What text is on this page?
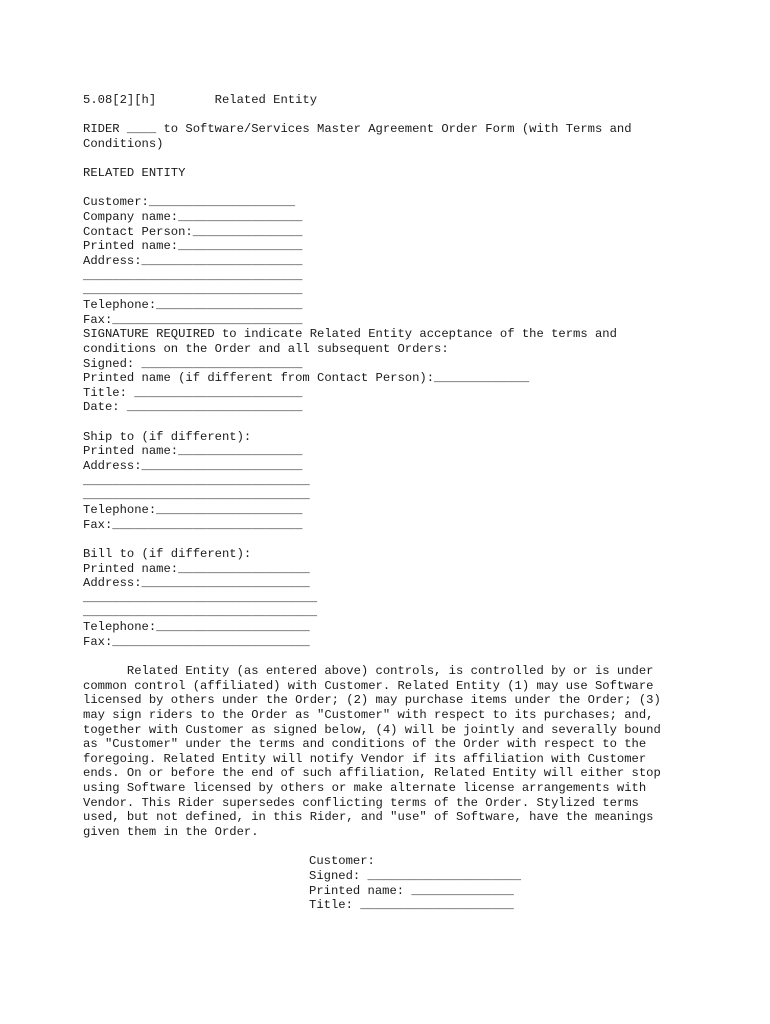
5.08[2][h]        Related Entity
RIDER ____ to Software/Services Master Agreement Order Form (with Terms and
Conditions)
RELATED ENTITY
Customer:____________________
Company name:_________________
Contact Person:_______________
Printed name:_________________
Address:______________________
______________________________
______________________________
Telephone:____________________
Fax:__________________________
SIGNATURE REQUIRED to indicate Related Entity acceptance of the terms and
conditions on the Order and all subsequent Orders:
Signed: ______________________
Printed name (if different from Contact Person):_____________
Title: _______________________
Date: ________________________
Ship to (if different):
Printed name:_________________
Address:______________________
_______________________________
_______________________________
Telephone:____________________
Fax:__________________________
Bill to (if different):
Printed name:__________________
Address:_______________________
________________________________
________________________________
Telephone:_____________________
Fax:___________________________
Related Entity (as entered above) controls, is controlled by or is under
common control (affiliated) with Customer. Related Entity (1) may use Software
licensed by others under the Order; (2) may purchase items under the Order; (3)
may sign riders to the Order as "Customer" with respect to its purchases; and,
together with Customer as signed below, (4) will be jointly and severally bound
as "Customer" under the terms and conditions of the Order with respect to the
foregoing. Related Entity will notify Vendor if its affiliation with Customer
ends. On or before the end of such affiliation, Related Entity will either stop
using Software licensed by others or make alternate license arrangements with
Vendor. This Rider supersedes conflicting terms of the Order. Stylized terms
used, but not defined, in this Rider, and "use" of Software, have the meanings
given them in the Order.
Customer:
Signed: _____________________
Printed name: ______________
Title: _____________________
